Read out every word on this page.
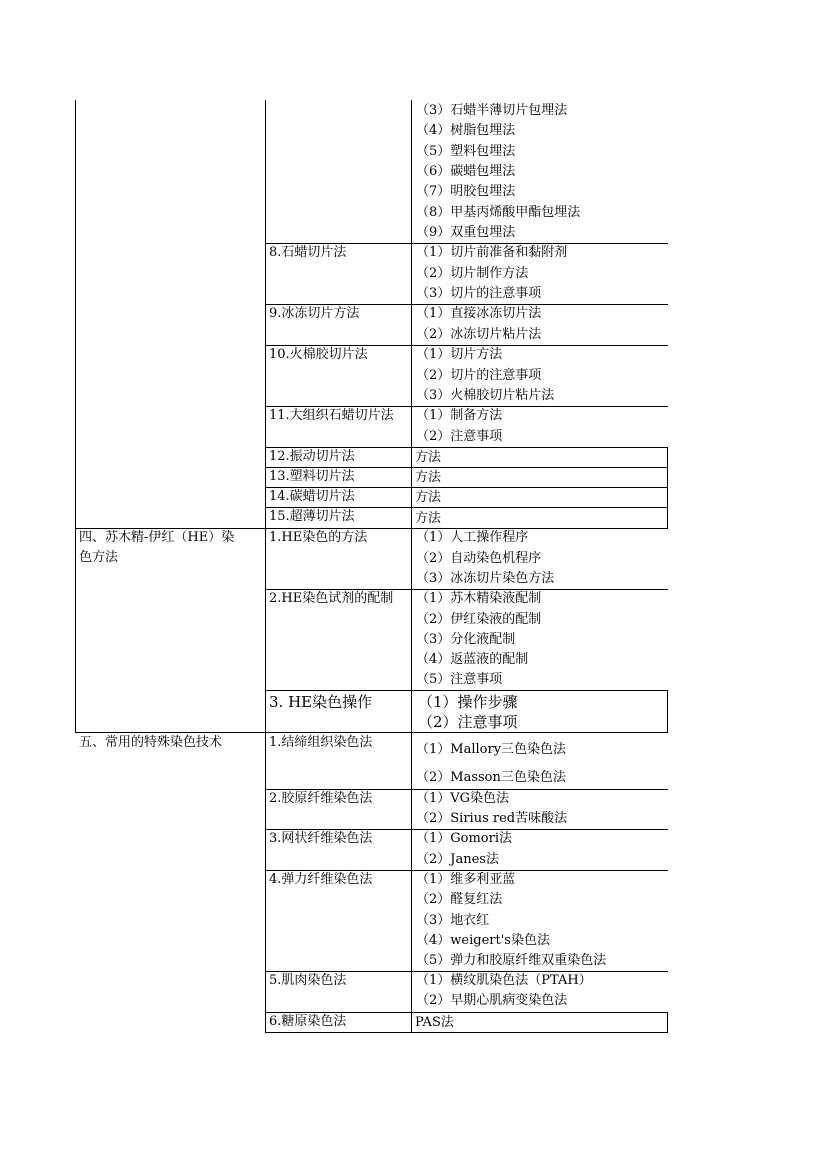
（3）石蜡半薄切片包埋法
（4）树脂包埋法
（5）塑料包埋法
（6）碳蜡包埋法
（7）明胶包埋法
（8）甲基丙烯酸甲酯包埋法
（9）双重包埋法
8.石蜡切片法	（1）切片前准备和黏附剂
（2）切片制作方法
（3）切片的注意事项
9.冰冻切片方法	（1）直接冰冻切片法
（2）冰冻切片粘片法
10.火棉胶切片法	（1）切片方法
（2）切片的注意事项
（3）火棉胶切片粘片法
11.大组织石蜡切片法 （1）制备方法
（2）注意事项
12.振动切片法	方法
13.塑料切片法	方法
14.碳蜡切片法	方法
15.超薄切片法	方法
四、苏木精-伊红（HE）染
色方法
1.HE染色的方法	（1）人工操作程序
（2）自动染色机程序
（3）冰冻切片染色方法
2.HE染色试剂的配制 （1）苏木精染液配制
（2）伊红染液的配制
（3）分化液配制
（4）返蓝液的配制
（5）注意事项
3. HE染色操作	（1）操作步骤
（2）注意事项
五、常用的特殊染色技术	1.结缔组织染色法	（1）Mallory三色染色法
（2）Masson三色染色法
2.胶原纤维染色法	（1）VG染色法
（2）Sirius red苦味酸法
3.网状纤维染色法	（1）Gomori法
（2）Janes法
4.弹力纤维染色法	（1）维多利亚蓝
（2）醛复红法
（3）地衣红
（4）weigert's染色法
（5）弹力和胶原纤维双重染色法
5.肌肉染色法	（1）横纹肌染色法（PTAH）
（2）早期心肌病变染色法
6.糖原染色法	PAS法
